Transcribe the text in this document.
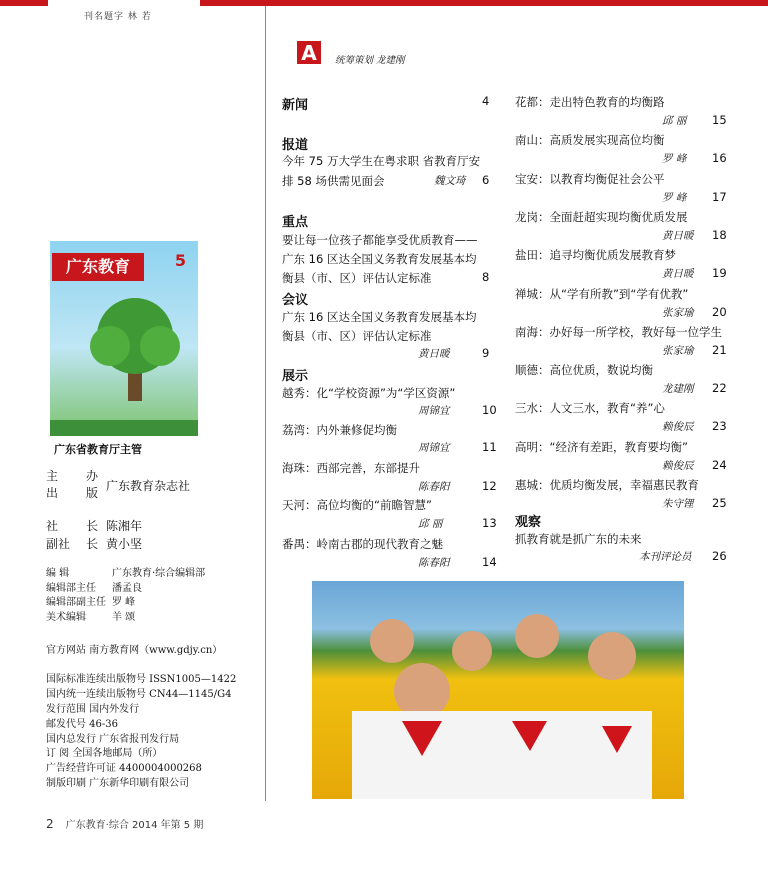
刊名题字 林 若
广东教育	5
广东省教育厅主管
主 办
出 版 广东教育杂志社
社 长 陈湘年
副社 长 黄小坚
编 辑	广东教育·综合编辑部
编辑部主任 潘孟良
编辑部副主任 罗 峰
美术编辑	羊 颂
官方网站 南方教育网（www.gdjy.cn）
国际标准连续出版物号 ISSN1005—1422
国内统一连续出版物号 CN44—1145/G4
发行范围 国内外发行
邮发代号 46-36
国内总发行 广东省报刊发行局
订 阅 全国各地邮局（所）
广告经营许可证 4400004000268
制版印刷 广东新华印刷有限公司
2 广东教育·综合 2014 年第 5 期
A 统筹策划 龙建刚
新闻	4
报道
今年 75 万大学生在粤求职 省教育厅安
排 58 场供需见面会	魏文琦 6
重点
要让每一位孩子都能享受优质教育——
广东 16 区达全国义务教育发展基本均
衡县（市、区）评估认定标准	8
会议
广东 16 区达全国义务教育发展基本均
衡县（市、区）评估认定标准
黄日暖	9
展示
越秀：化“学校资源”为“学区资源”
周锦宜	10
荔湾：内外兼修促均衡
周锦宜	11
海珠：西部完善，东部提升
陈春阳	12
天河：高位均衡的“前瞻智慧”
邱 丽	13
番禺：岭南古郡的现代教育之魅
陈春阳	14
花都：走出特色教育的均衡路
邱 丽 15
南山：高质发展实现高位均衡
罗 峰 16
宝安：以教育均衡促社会公平
罗 峰 17
龙岗：全面赶超实现均衡优质发展
黄日暖 18
盐田：追寻均衡优质发展教育梦
黄日暖 19
禅城：从“学有所教”到“学有优教”
张家瑜 20
南海：办好每一所学校，教好每一位学生
张家瑜 21
顺德：高位优质，数说均衡
龙建刚 22
三水：人文三水，教育“养”心
赖俊辰 23
高明：“经济有差距，教育要均衡”
赖俊辰 24
惠城：优质均衡发展，幸福惠民教育
朱守锂 25
观察
抓教育就是抓广东的未来
本刊评论员 26
